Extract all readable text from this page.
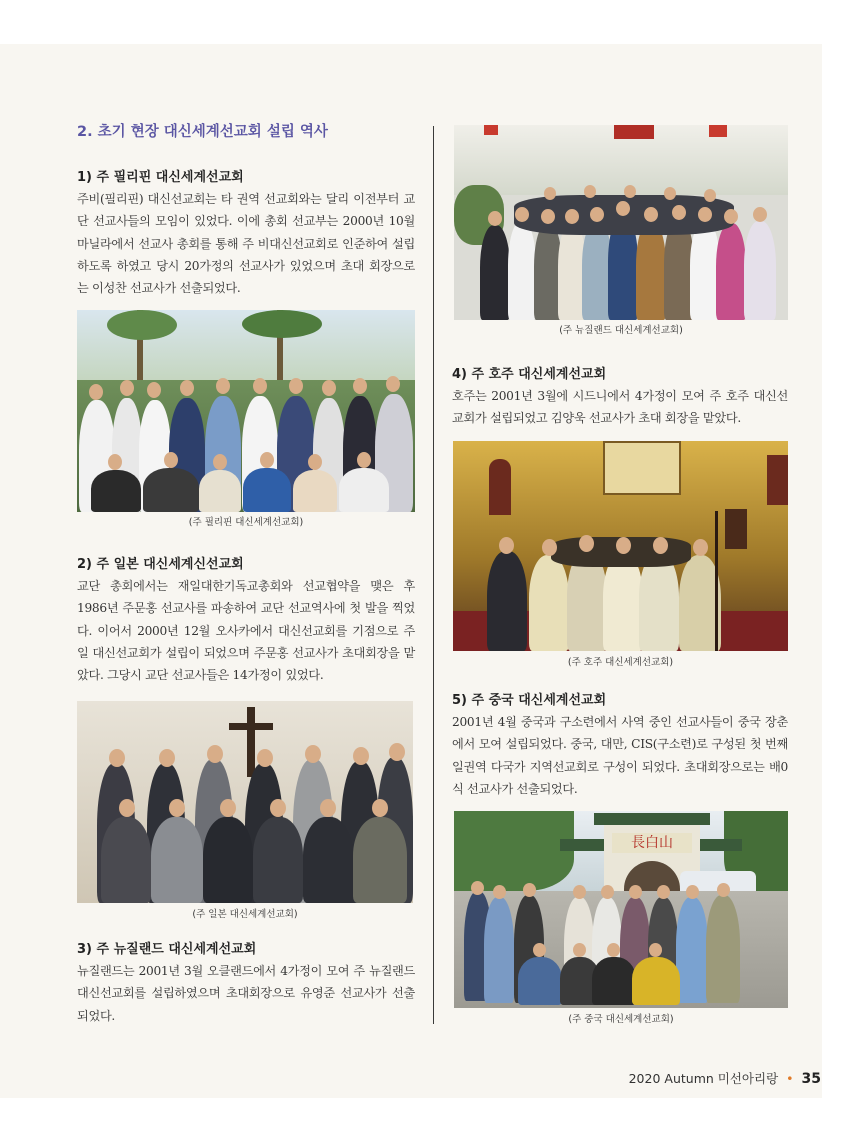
2. 초기 현장 대신세계선교회 설립 역사
1) 주 필리핀 대신세계선교회
주비(필리핀) 대신선교회는 타 권역 선교회와는 달리 이전부터 교단 선교사들의 모임이 있었다. 이에 총회 선교부는 2000년 10월 마닐라에서 선교사 총회를 통해 주 비대신선교회로 인준하여 설립하도록 하였고 당시 20가정의 선교사가 있었으며 초대 회장으로는 이성찬 선교사가 선출되었다.
(주 필리핀 대신세계선교회)
2) 주 일본 대신세계신선교회
교단 총회에서는 재일대한기독교총회와 선교협약을 맺은 후 1986년 주문홍 선교사를 파송하여 교단 선교역사에 첫 발을 찍었다. 이어서 2000년 12월 오사카에서 대신선교회를 기점으로 주 일 대신선교회가 설립이 되었으며 주문홍 선교사가 초대회장을 맡았다. 그당시 교단 선교사들은 14가정이 있었다.
(주 일본 대신세계선교회)
3) 주 뉴질랜드 대신세계선교회
뉴질랜드는 2001년 3월 오클랜드에서 4가정이 모여 주 뉴질랜드 대신선교회를 설립하였으며 초대회장으로 유영준 선교사가 선출되었다.
(주 뉴질랜드 대신세계선교회)
4) 주 호주 대신세계선교회
호주는 2001년 3월에 시드니에서 4가정이 모여 주 호주 대신선교회가 설립되었고 김양욱 선교사가 초대 회장을 맡았다.
(주 호주 대신세계선교회)
5) 주 중국 대신세계선교회
2001년 4월 중국과 구소련에서 사역 중인 선교사들이 중국 장춘에서 모여 설립되었다. 중국, 대만, CIS(구소련)로 구성된 첫 번째 일권역 다국가 지역선교회로 구성이 되었다. 초대회장으로는 배0식 선교사가 선출되었다.
長白山
(주 중국 대신세계선교회)
2020 Autumn 미선아리랑 • 35
